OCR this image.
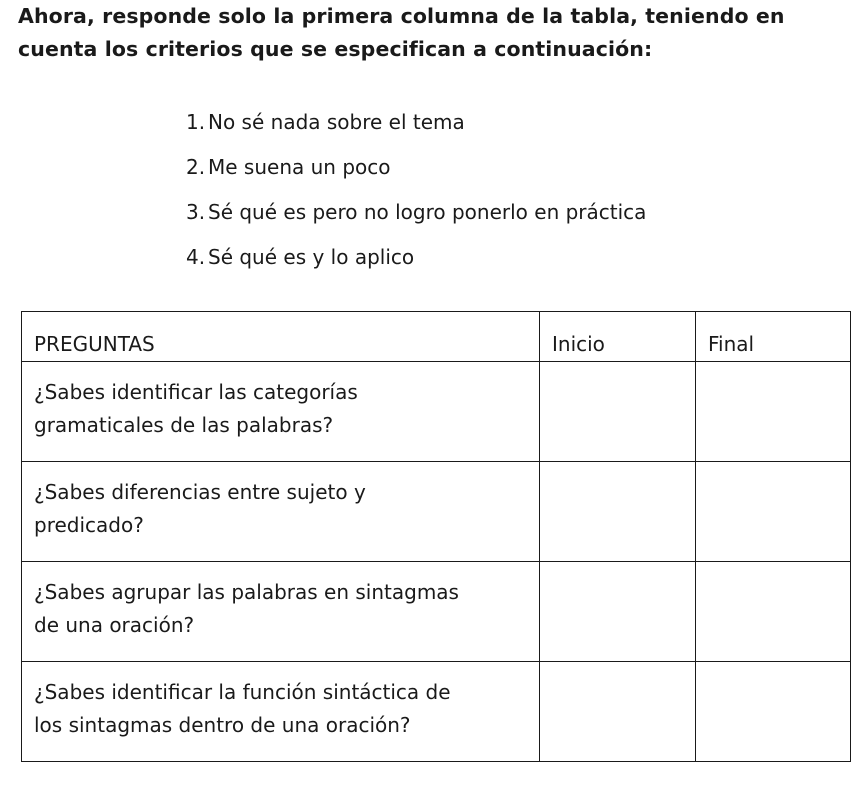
Ahora, responde solo la primera columna de la tabla, teniendo en
cuenta los criterios que se especifican a continuación:
1. No sé nada sobre el tema
2. Me suena un poco
3. Sé qué es pero no logro ponerlo en práctica
4. Sé qué es y lo aplico
PREGUNTAS	Inicio	Final

¿Sabes identificar las categorías
gramaticales de las palabras?		

¿Sabes diferencias entre sujeto y
predicado?		

¿Sabes agrupar las palabras en sintagmas
de una oración?		

¿Sabes identificar la función sintáctica de
los sintagmas dentro de una oración?		
